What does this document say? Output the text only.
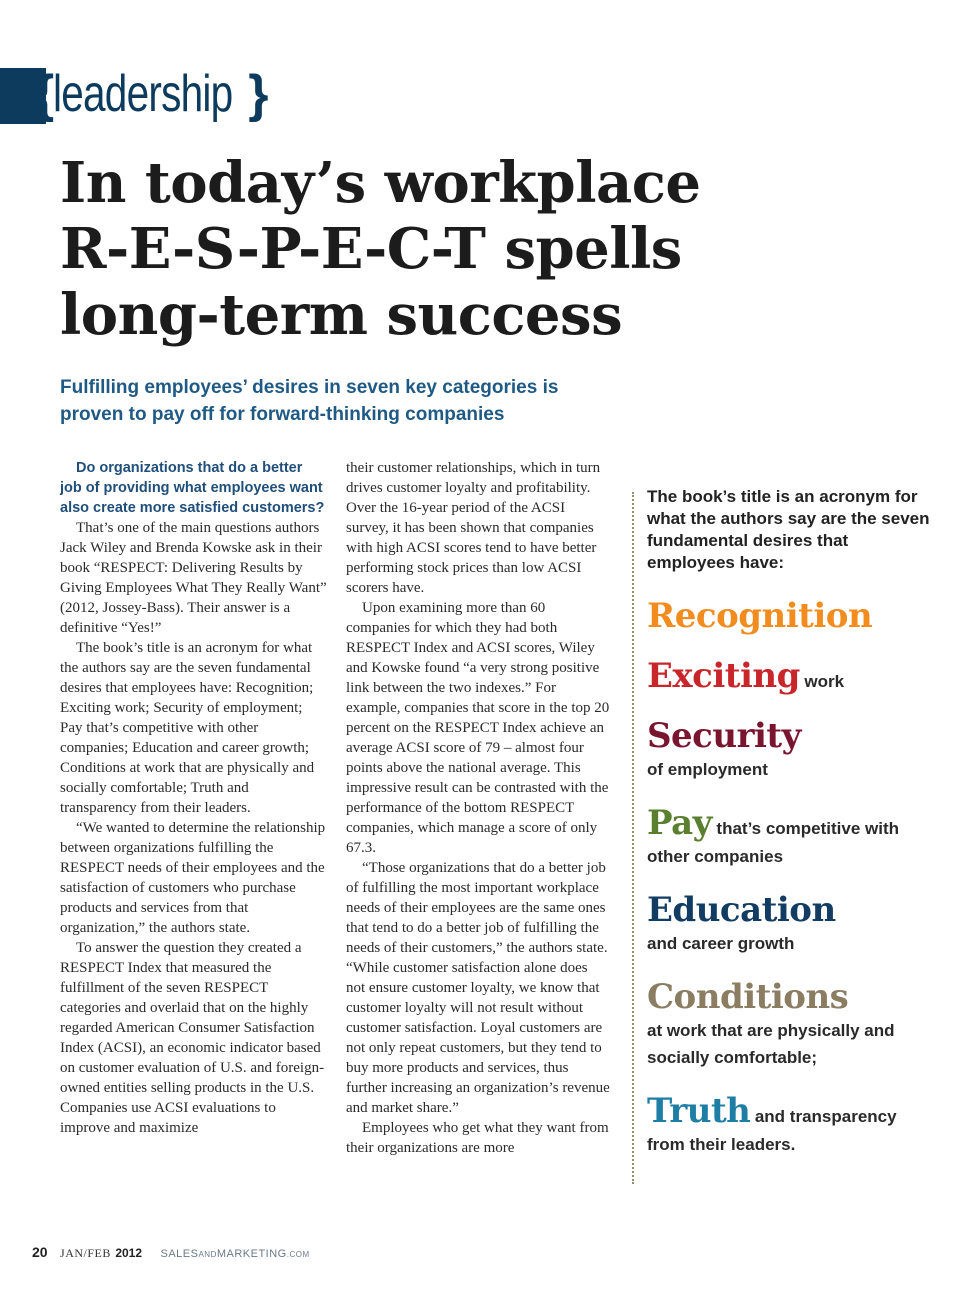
{leadership }
In today’s workplace
R-E-S-P-E-C-T spells
long-term success

Fulfilling employees’ desires in seven key categories is proven to pay off for forward-thinking companies

Do organizations that do a better job of providing what employees want also create more satisfied customers?

That’s one of the main questions authors Jack Wiley and Brenda Kowske ask in their book “RESPECT: Delivering Results by Giving Employees What They Really Want” (2012, Jossey-Bass). Their answer is a definitive “Yes!”

The book’s title is an acronym for what the authors say are the seven fundamental desires that employees have: Recognition; Exciting work; Security of employment; Pay that’s competitive with other companies; Education and career growth; Conditions at work that are physically and socially comfortable; Truth and transparency from their leaders.

“We wanted to determine the relationship between organizations fulfilling the RESPECT needs of their employees and the satisfaction of customers who purchase products and services from that organization,” the authors state.

To answer the question they created a RESPECT Index that measured the fulfillment of the seven RESPECT categories and overlaid that on the highly regarded American Consumer Satisfaction Index (ACSI), an economic indicator based on customer evaluation of U.S. and foreign-owned entities selling products in the U.S. Companies use ACSI evaluations to improve and maximize

their customer relationships, which in turn drives customer loyalty and profitability. Over the 16-year period of the ACSI survey, it has been shown that companies with high ACSI scores tend to have better performing stock prices than low ACSI scorers have.

Upon examining more than 60 companies for which they had both RESPECT Index and ACSI scores, Wiley and Kowske found “a very strong positive link between the two indexes.” For example, companies that score in the top 20 percent on the RESPECT Index achieve an average ACSI score of 79 – almost four points above the national average. This impressive result can be contrasted with the performance of the bottom RESPECT companies, which manage a score of only 67.3.

“Those organizations that do a better job of fulfilling the most important workplace needs of their employees are the same ones that tend to do a better job of fulfilling the needs of their customers,” the authors state. “While customer satisfaction alone does not ensure customer loyalty, we know that customer loyalty will not result without customer satisfaction. Loyal customers are not only repeat customers, but they tend to buy more products and services, thus further increasing an organization’s revenue and market share.”

Employees who get what they want from their organizations are more

The book’s title is an acronym for what the authors say are the seven fundamental desires that employees have:

Recognition
Exciting work
Security
of employment
Pay that’s competitive with other companies
Education
and career growth
Conditions
at work that are physically and socially comfortable;
Truth and transparency from their leaders.
20 JAN/FEB 2012 SALESANDMARKETING.COM
